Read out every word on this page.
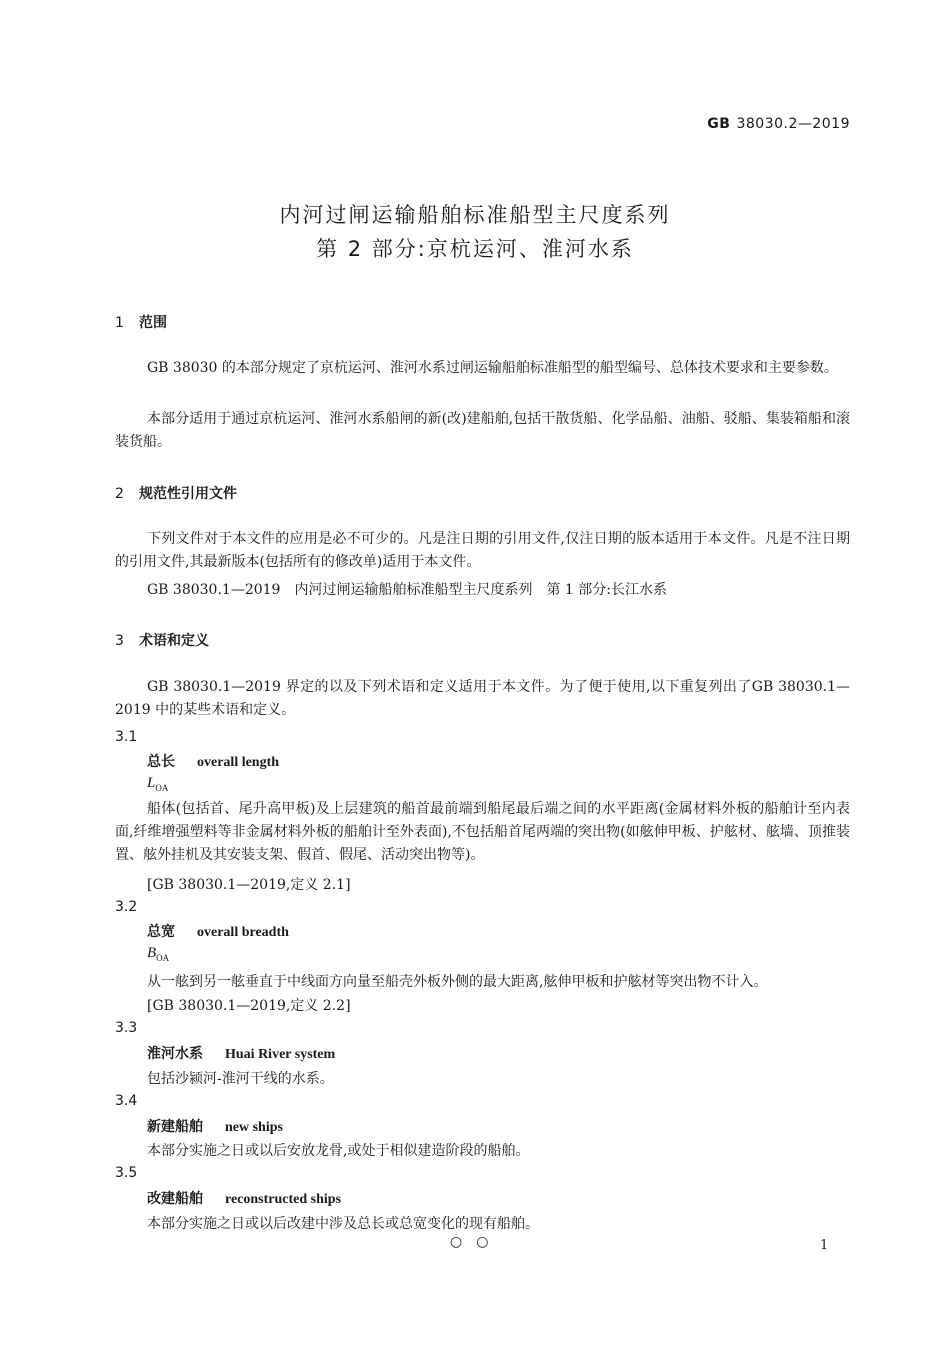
GB 38030.2—2019
内河过闸运输船舶标准船型主尺度系列
第 2 部分:京杭运河、淮河水系
1 范围
GB 38030 的本部分规定了京杭运河、淮河水系过闸运输船舶标准船型的船型编号、总体技术要求和主要参数。
本部分适用于通过京杭运河、淮河水系船闸的新(改)建船舶,包括干散货船、化学品船、油船、驳船、集装箱船和滚装货船。
2 规范性引用文件
下列文件对于本文件的应用是必不可少的。凡是注日期的引用文件,仅注日期的版本适用于本文件。凡是不注日期的引用文件,其最新版本(包括所有的修改单)适用于本文件。
GB 38030.1—2019　内河过闸运输船舶标准船型主尺度系列　第 1 部分:长江水系
3 术语和定义
GB 38030.1—2019 界定的以及下列术语和定义适用于本文件。为了便于使用,以下重复列出了GB 38030.1—2019 中的某些术语和定义。
3.1
总长 overall length
$L_{OA}$
船体(包括首、尾升高甲板)及上层建筑的船首最前端到船尾最后端之间的水平距离(金属材料外板的船舶计至内表面,纤维增强塑料等非金属材料外板的船舶计至外表面),不包括船首尾两端的突出物(如舷伸甲板、护舷材、舷墙、顶推装置、舷外挂机及其安装支架、假首、假尾、活动突出物等)。
[GB 38030.1—2019,定义 2.1]
3.2
总宽 overall breadth
$B_{OA}$
从一舷到另一舷垂直于中线面方向量至船壳外板外侧的最大距离,舷伸甲板和护舷材等突出物不计入。
[GB 38030.1—2019,定义 2.2]
3.3
淮河水系 Huai River system
包括沙颍河-淮河干线的水系。
3.4
新建船舶 new ships
本部分实施之日或以后安放龙骨,或处于相似建造阶段的船舶。
3.5
改建船舶 reconstructed ships
本部分实施之日或以后改建中涉及总长或总宽变化的现有船舶。
○○	1
